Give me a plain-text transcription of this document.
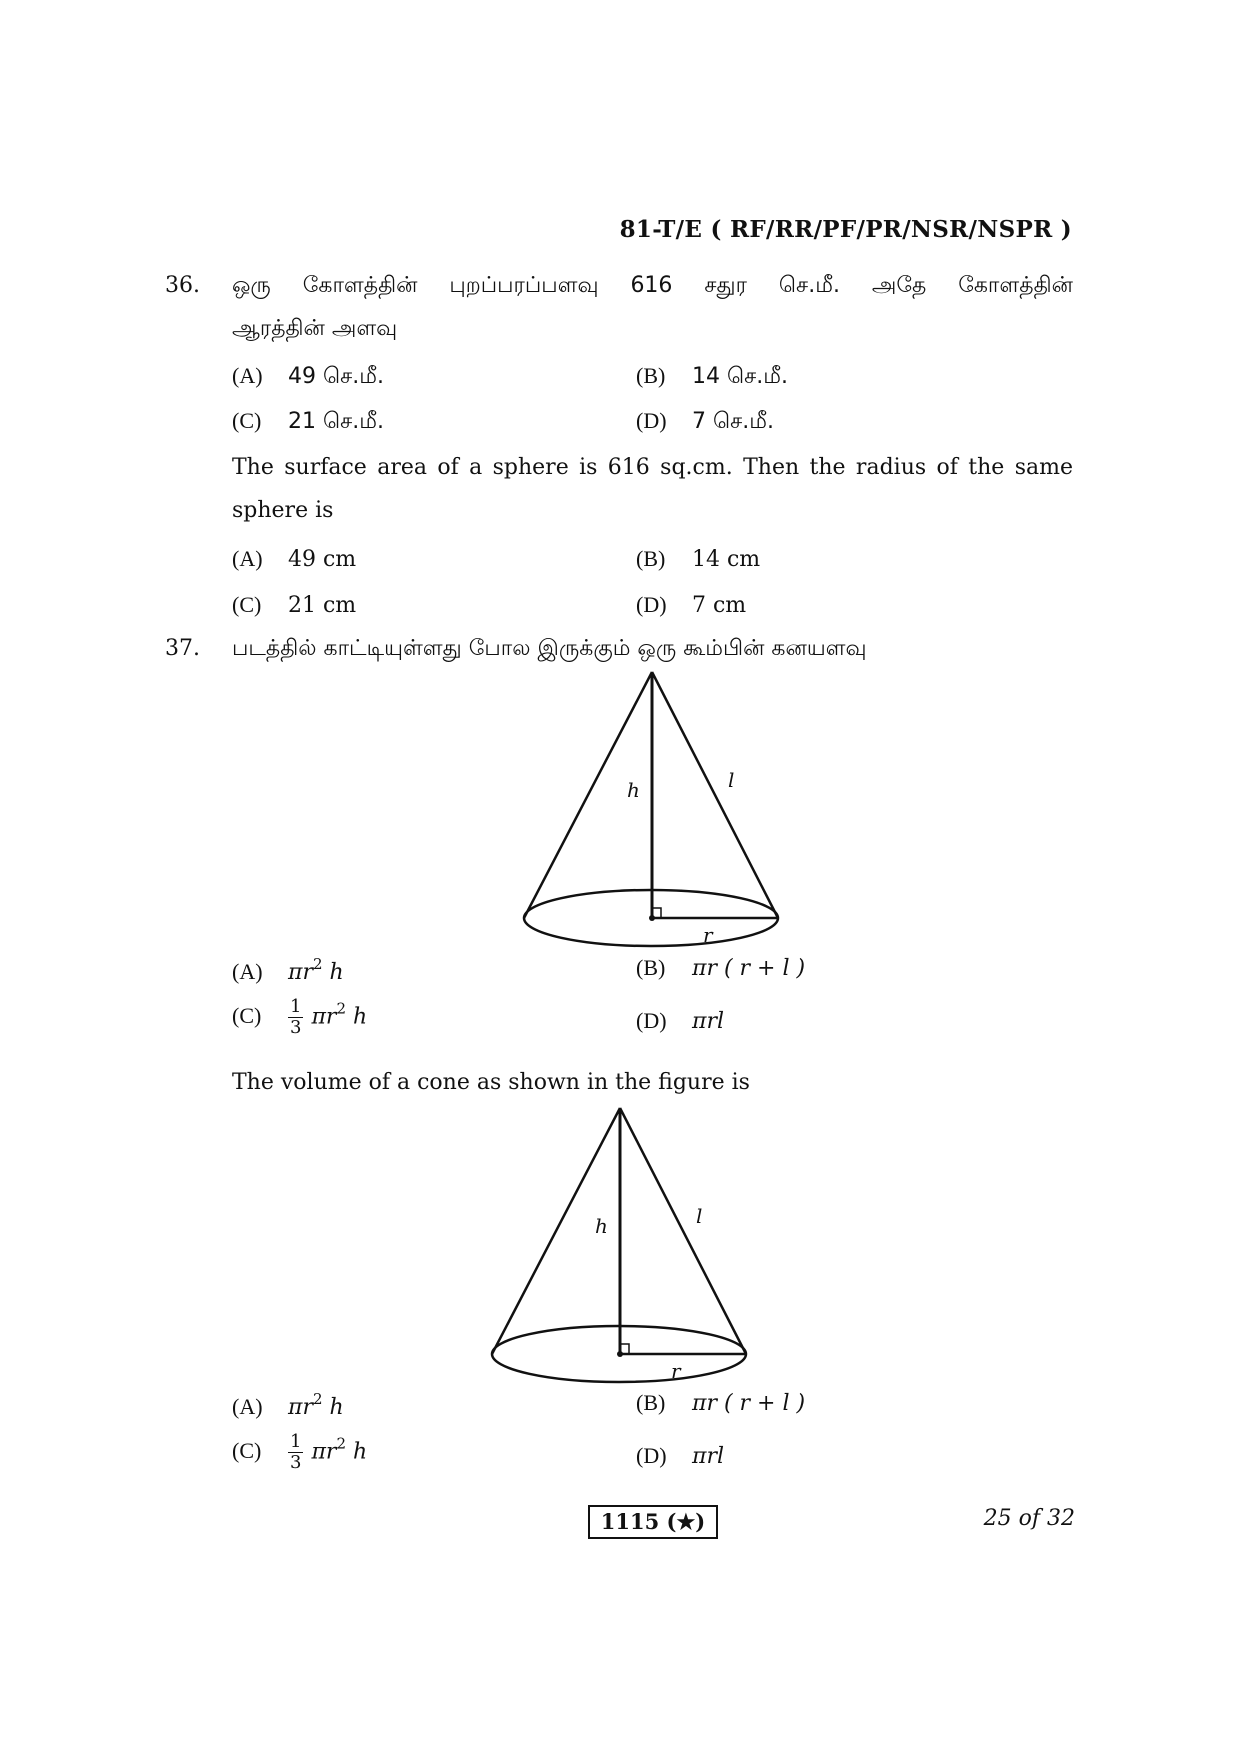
81-T/E ( RF/RR/PF/PR/NSR/NSPR )
36. ஒரு கோளத்தின் புறப்பரப்பளவு 616 சதுர செ.மீ. அதே கோளத்தின்
ஆரத்தின் அளவு
(A)	49 செ.மீ.	(B)	14 செ.மீ.
(C)	21 செ.மீ.	(D)	7 செ.மீ.
The surface area of a sphere is 616 sq.cm. Then the radius of the same
sphere is
(A)	49 cm	(B)	14 cm
(C)	21 cm	(D)	7 cm
37. படத்தில் காட்டியுள்ளது போல இருக்கும் ஒரு கூம்பின் கனயளவு
h	l
r
(A)	$\pi r^2$ h	(B)	πr ( r + l )
(C)	$\frac{1}{3} \pi r^2$ h	(D)	πrl
The volume of a cone as shown in the figure is
h	l
r
(A)	$\pi r^2$ h	(B)	πr ( r + l )
(C)	$\frac{1}{3} \pi r^2$ h	(D)	πrl
1115 (★)	25 of 32
